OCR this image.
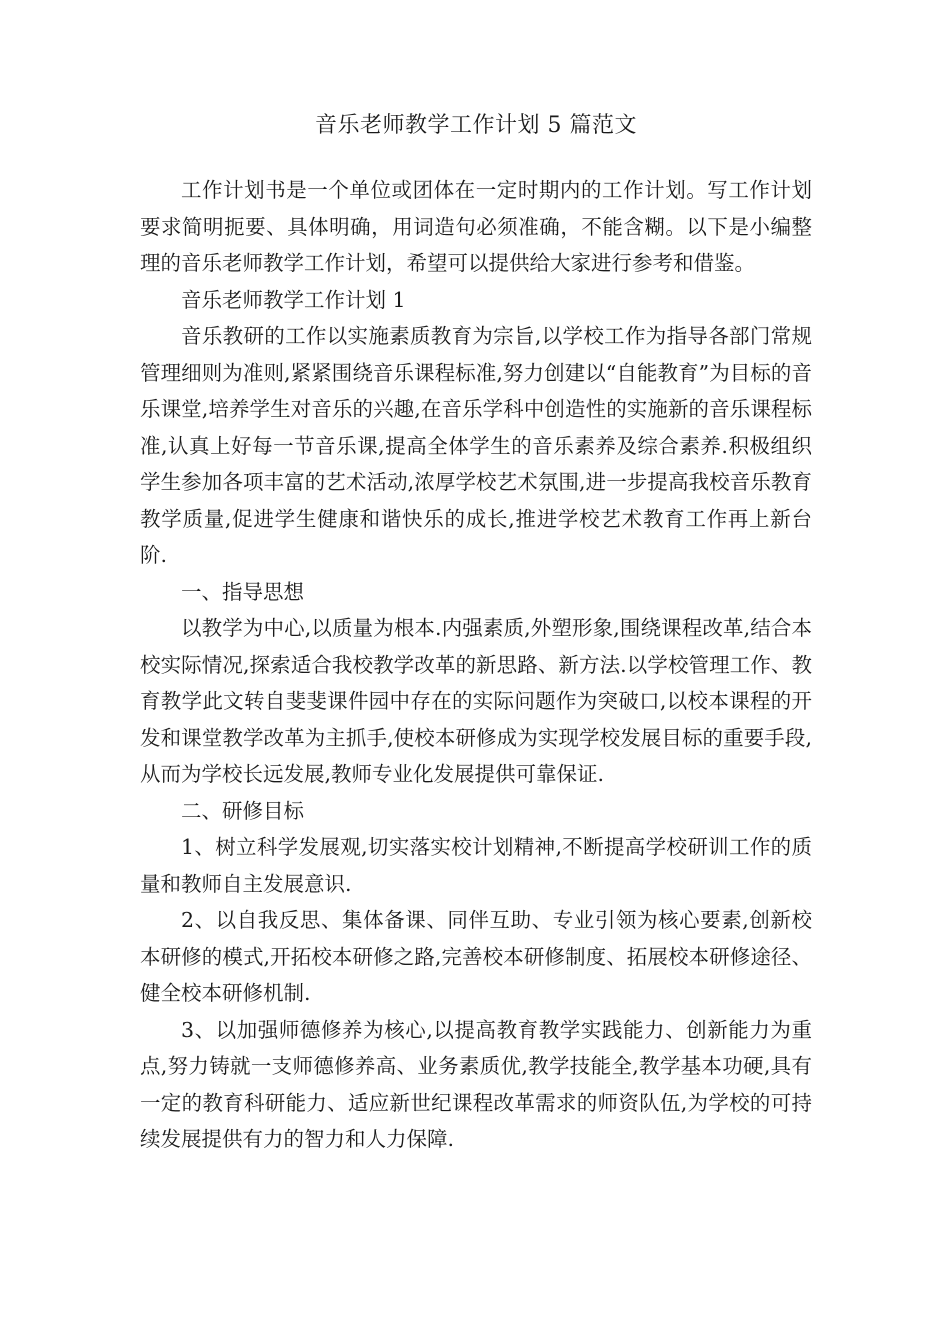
音乐老师教学工作计划 5 篇范文

工作计划书是一个单位或团体在一定时期内的工作计划。写工作计划要求简明扼要、具体明确，用词造句必须准确，不能含糊。以下是小编整理的音乐老师教学工作计划，希望可以提供给大家进行参考和借鉴。

音乐老师教学工作计划 1

音乐教研的工作以实施素质教育为宗旨,以学校工作为指导各部门常规管理细则为准则,紧紧围绕音乐课程标准,努力创建以“自能教育”为目标的音乐课堂,培养学生对音乐的兴趣,在音乐学科中创造性的实施新的音乐课程标准,认真上好每一节音乐课,提高全体学生的音乐素养及综合素养.积极组织学生参加各项丰富的艺术活动,浓厚学校艺术氛围,进一步提高我校音乐教育教学质量,促进学生健康和谐快乐的成长,推进学校艺术教育工作再上新台阶.

一、指导思想

以教学为中心,以质量为根本.内强素质,外塑形象,围绕课程改革,结合本校实际情况,探索适合我校教学改革的新思路、新方法.以学校管理工作、教育教学此文转自斐斐课件园中存在的实际问题作为突破口,以校本课程的开发和课堂教学改革为主抓手,使校本研修成为实现学校发展目标的重要手段,从而为学校长远发展,教师专业化发展提供可靠保证.

二、研修目标

1、树立科学发展观,切实落实校计划精神,不断提高学校研训工作的质量和教师自主发展意识.

2、以自我反思、集体备课、同伴互助、专业引领为核心要素,创新校本研修的模式,开拓校本研修之路,完善校本研修制度、拓展校本研修途径、健全校本研修机制.

3、以加强师德修养为核心,以提高教育教学实践能力、创新能力为重点,努力铸就一支师德修养高、业务素质优,教学技能全,教学基本功硬,具有一定的教育科研能力、适应新世纪课程改革需求的师资队伍,为学校的可持续发展提供有力的智力和人力保障.
